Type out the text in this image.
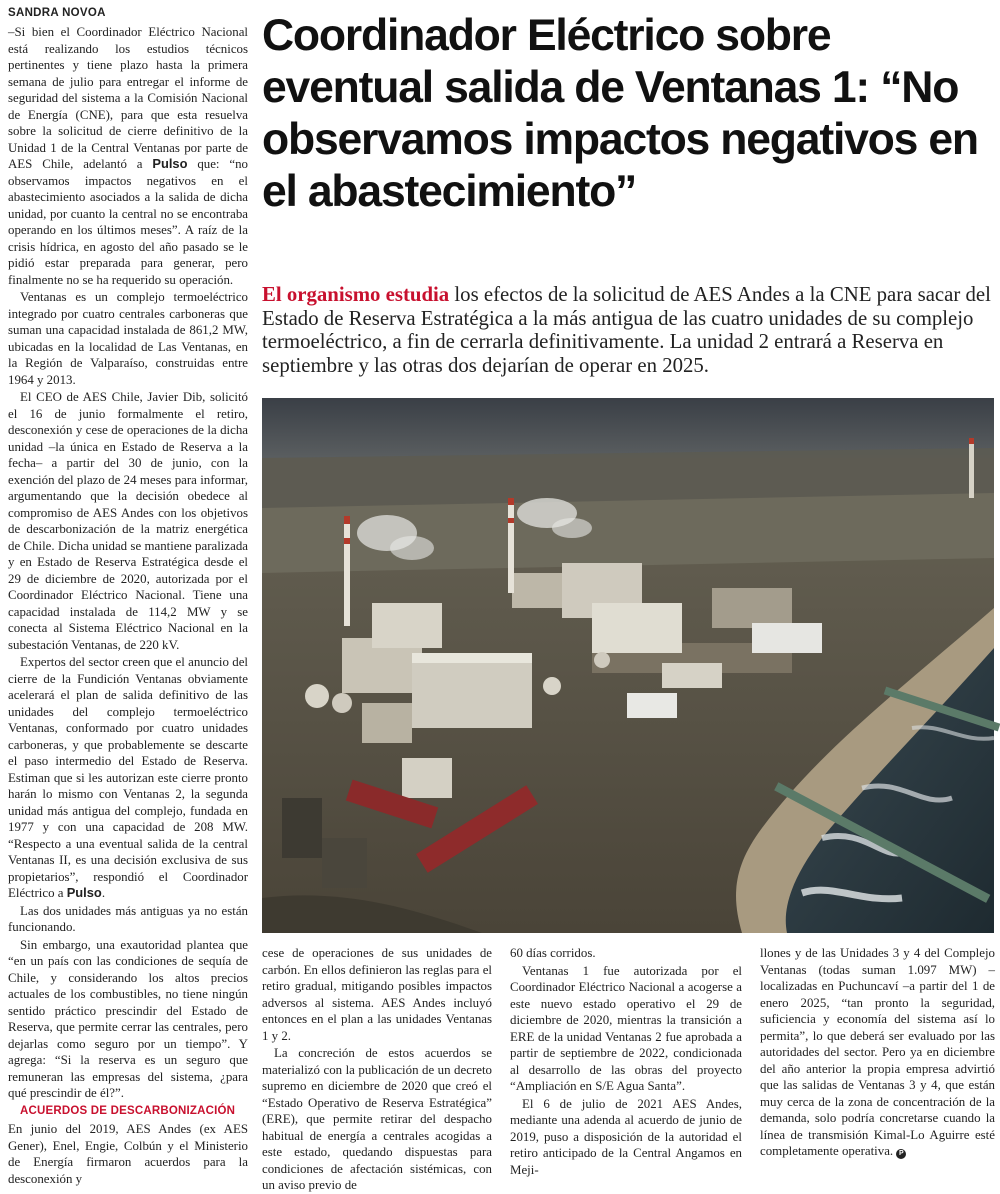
SANDRA NOVOA

–Si bien el Coordinador Eléctrico Nacional está realizando los estudios técnicos pertinentes y tiene plazo hasta la primera semana de julio para entregar el informe de seguridad del sistema a la Comisión Nacional de Energía (CNE), para que esta resuelva sobre la solicitud de cierre definitivo de la Unidad 1 de la Central Ventanas por parte de AES Chile, adelantó a Pulso que: “no observamos impactos negativos en el abastecimiento asociados a la salida de dicha unidad, por cuanto la central no se encontraba operando en los últimos meses”. A raíz de la crisis hídrica, en agosto del año pasado se le pidió estar preparada para generar, pero finalmente no se ha requerido su operación.

Ventanas es un complejo termoeléctrico integrado por cuatro centrales carboneras que suman una capacidad instalada de 861,2 MW, ubicadas en la localidad de Las Ventanas, en la Región de Valparaíso, construidas entre 1964 y 2013.

El CEO de AES Chile, Javier Dib, solicitó el 16 de junio formalmente el retiro, desconexión y cese de operaciones de la dicha unidad –la única en Estado de Reserva a la fecha– a partir del 30 de junio, con la exención del plazo de 24 meses para informar, argumentando que la decisión obedece al compromiso de AES Andes con los objetivos de descarbonización de la matriz energética de Chile. Dicha unidad se mantiene paralizada y en Estado de Reserva Estratégica desde el 29 de diciembre de 2020, autorizada por el Coordinador Eléctrico Nacional. Tiene una capacidad instalada de 114,2 MW y se conecta al Sistema Eléctrico Nacional en la subestación Ventanas, de 220 kV.

Expertos del sector creen que el anuncio del cierre de la Fundición Ventanas obviamente acelerará el plan de salida definitivo de las unidades del complejo termoeléctrico Ventanas, conformado por cuatro unidades carboneras, y que probablemente se descarte el paso intermedio del Estado de Reserva. Estiman que si les autorizan este cierre pronto harán lo mismo con Ventanas 2, la segunda unidad más antigua del complejo, fundada en 1977 y con una capacidad de 208 MW. “Respecto a una eventual salida de la central Ventanas II, es una decisión exclusiva de sus propietarios”, respondió el Coordinador Eléctrico a Pulso.

Las dos unidades más antiguas ya no están funcionando.

Sin embargo, una exautoridad plantea que “en un país con las condiciones de sequía de Chile, y considerando los altos precios actuales de los combustibles, no tiene ningún sentido práctico prescindir del Estado de Reserva, que permite cerrar las centrales, pero dejarlas como seguro por un tiempo”. Y agrega: “Si la reserva es un seguro que remuneran las empresas del sistema, ¿para qué prescindir de él?”.

ACUERDOS DE DESCARBONIZACIÓN

En junio del 2019, AES Andes (ex AES Gener), Enel, Engie, Colbún y el Ministerio de Energía firmaron acuerdos para la desconexión y

Coordinador Eléctrico sobre eventual salida de Ventanas 1: “No observamos impactos negativos en el abastecimiento”
El organismo estudia los efectos de la solicitud de AES Andes a la CNE para sacar del Estado de Reserva Estratégica a la más antigua de las cuatro unidades de su complejo termoeléctrico, a fin de cerrarla definitivamente. La unidad 2 entrará a Reserva en septiembre y las otras dos dejarían de operar en 2025.

cese de operaciones de sus unidades de carbón. En ellos definieron las reglas para el retiro gradual, mitigando posibles impactos adversos al sistema. AES Andes incluyó entonces en el plan a las unidades Ventanas 1 y 2.

La concreción de estos acuerdos se materializó con la publicación de un decreto supremo en diciembre de 2020 que creó el “Estado Operativo de Reserva Estratégica” (ERE), que permite retirar del despacho habitual de energía a centrales acogidas a este estado, quedando dispuestas para condiciones de afectación sistémicas, con un aviso previo de

60 días corridos.

Ventanas 1 fue autorizada por el Coordinador Eléctrico Nacional a acogerse a este nuevo estado operativo el 29 de diciembre de 2020, mientras la transición a ERE de la unidad Ventanas 2 fue aprobada a partir de septiembre de 2022, condicionada al desarrollo de las obras del proyecto “Ampliación en S/E Agua Santa”.

El 6 de julio de 2021 AES Andes, mediante una adenda al acuerdo de junio de 2019, puso a disposición de la autoridad el retiro anticipado de la Central Angamos en Meji-

llones y de las Unidades 3 y 4 del Complejo Ventanas (todas suman 1.097 MW) –localizadas en Puchuncaví –a partir del 1 de enero 2025, “tan pronto la seguridad, suficiencia y economía del sistema así lo permita”, lo que deberá ser evaluado por las autoridades del sector. Pero ya en diciembre del año anterior la propia empresa advirtió que las salidas de Ventanas 3 y 4, que están muy cerca de la zona de concentración de la demanda, solo podría concretarse cuando la línea de transmisión Kimal-Lo Aguirre esté completamente operativa. P
